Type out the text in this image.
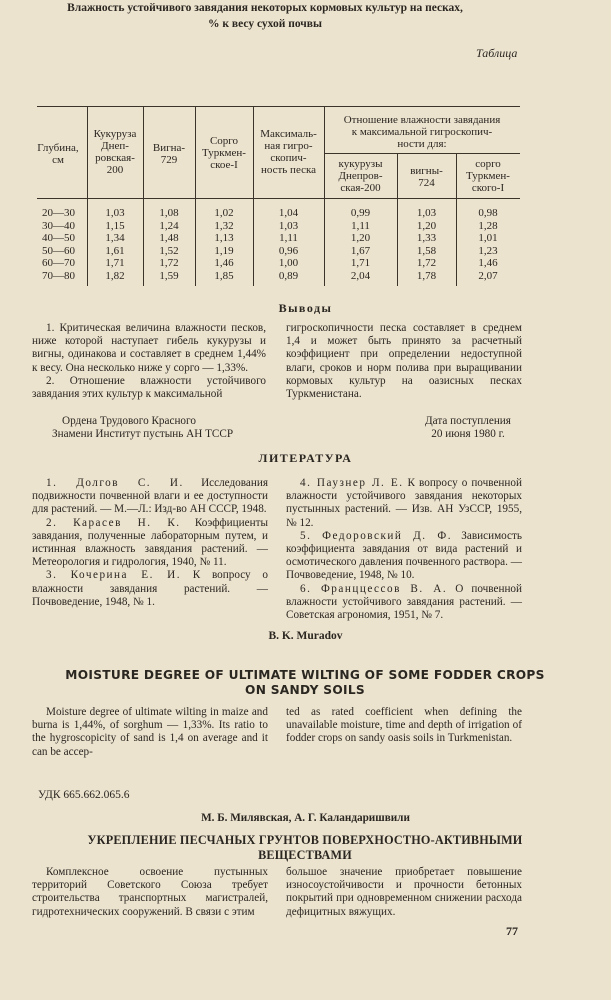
Таблица
Влажность устойчивого завядания некоторых кормовых культур на песках,
% к весу сухой почвы
Глубина,
см
Кукуруза
Днеп-
ровская-
200
Вигна-
729
Сорго
Туркмен-
ское-I
Максималь-
ная гигро-
скопич-
ность песка
Отношение влажности завядания
к максимальной гигроскопич-
ности для:
кукурузы
Днепров-
ская-200
вигны-
724
сорго
Туркмен-
ского-I
20—30
30—40
40—50
50—60
60—70
70—80
1,03
1,15
1,34
1,61
1,71
1,82
1,08
1,24
1,48
1,52
1,72
1,59
1,02
1,32
1,13
1,19
1,46
1,85
1,04
1,03
1,11
0,96
1,00
0,89
0,99
1,11
1,20
1,67
1,71
2,04
1,03
1,20
1,33
1,58
1,72
1,78
0,98
1,28
1,01
1,23
1,46
2,07
Выводы

1. Критическая величина влажности песков, ниже которой наступает гибель кукурузы и вигны, одинакова и составляет в среднем 1,44% к весу. Она несколько ниже у сорго — 1,33%.

2. Отношение влажности устойчивого завядания этих культур к максимальной

гигроскопичности песка составляет в среднем 1,4 и может быть принято за расчетный коэффициент при определении недоступной влаги, сроков и норм полива при выращивании кормовых культур на оазисных песках Туркменистана.

Ордена Трудового Красного
Знамени Институт пустынь АН ТССР
Дата поступления
20 июня 1980 г.
ЛИТЕРАТУРА

1. Долгов С. И. Исследования подвижности почвенной влаги и ее доступности для растений. — М.—Л.: Изд-во АН СССР, 1948.

2. Карасев Н. К. Коэффициенты завядания, полученные лабораторным путем, и истинная влажность завядания растений. — Метеорология и гидрология, 1940, № 11.

3. Кочерина Е. И. К вопросу о влажности завядания растений. — Почвоведение, 1948, № 1.

4. Паузнер Л. Е. К вопросу о почвенной влажности устойчивого завядания некоторых пустынных растений. — Изв. АН УзССР, 1955, № 12.

5. Федоровский Д. Ф. Зависимость коэффициента завядания от вида растений и осмотического давления почвенного раствора. — Почвоведение, 1948, № 10.

6. Франццессов В. А. О почвенной влажности устойчивого завядания растений. — Советская агрономия, 1951, № 7.

B. K. Muradov
MOISTURE DEGREE OF ULTIMATE WILTING OF SOME FODDER CROPS
ON SANDY SOILS

Moisture degree of ultimate wilting in maize and burna is 1,44%, of sorghum — 1,33%. Its ratio to the hygroscopicity of sand is 1,4 on average and it can be accep-

ted as rated coefficient when defining the unavailable moisture, time and depth of irrigation of fodder crops on sandy oasis soils in Turkmenistan.

УДК 665.662.065.6
М. Б. Милявская, А. Г. Каландаришвили
УКРЕПЛЕНИЕ ПЕСЧАНЫХ ГРУНТОВ ПОВЕРХНОСТНО-АКТИВНЫМИ
ВЕЩЕСТВАМИ

Комплексное освоение пустынных территорий Советского Союза требует строительства транспортных магистралей, гидротехнических сооружений. В связи с этим

большое значение приобретает повышение износоустойчивости и прочности бетонных покрытий при одновременном снижении расхода дефицитных вяжущих.

77
